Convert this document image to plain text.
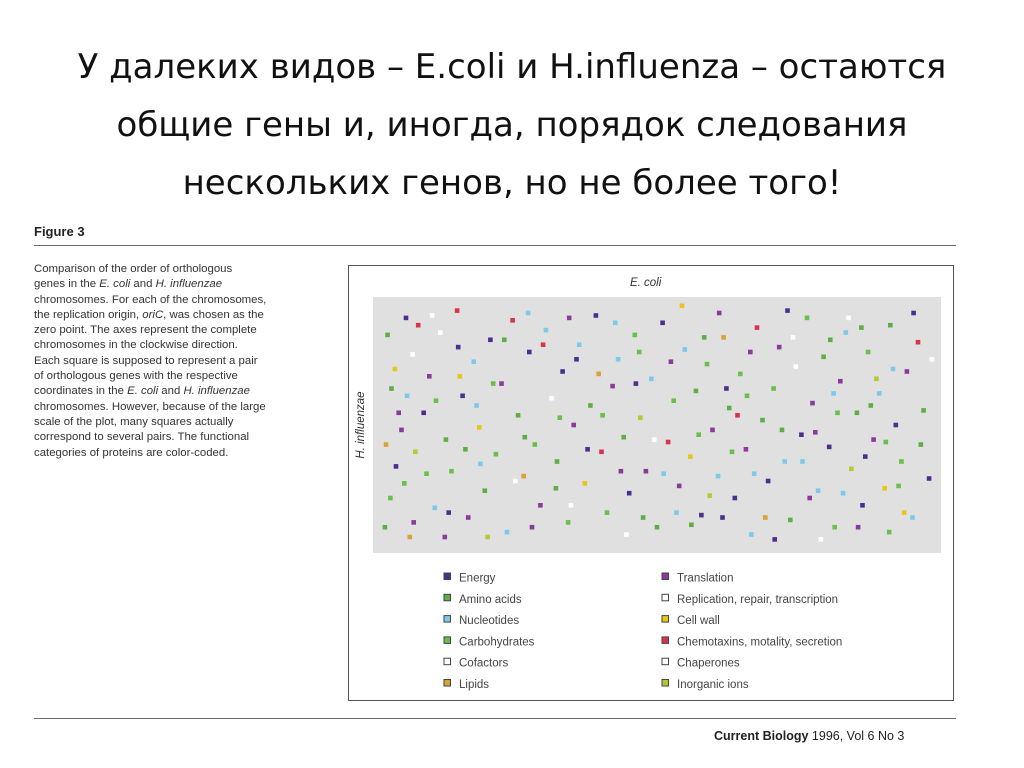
У далеких видов – E.coli и H.influenza – остаются
общие гены и, иногда, порядок следования
нескольких генов, но не более того!
Figure 3
Comparison of the order of orthologous
genes in the E. coli and H. influenzae
chromosomes. For each of the chromosomes,
the replication origin, oriC, was chosen as the
zero point. The axes represent the complete
chromosomes in the clockwise direction.
Each square is supposed to represent a pair
of orthologous genes with the respective
coordinates in the E. coli and H. influenzae
chromosomes. However, because of the large
scale of the plot, many squares actually
correspond to several pairs. The functional
categories of proteins are color-coded.
E. coli
H. influenzae
Energy
Amino acids
Nucleotides
Carbohydrates
Cofactors
Lipids
Translation
Replication, repair, transcription
Cell wall
Chemotaxins, motality, secretion
Chaperones
Inorganic ions
Current Biology 1996, Vol 6 No 3
